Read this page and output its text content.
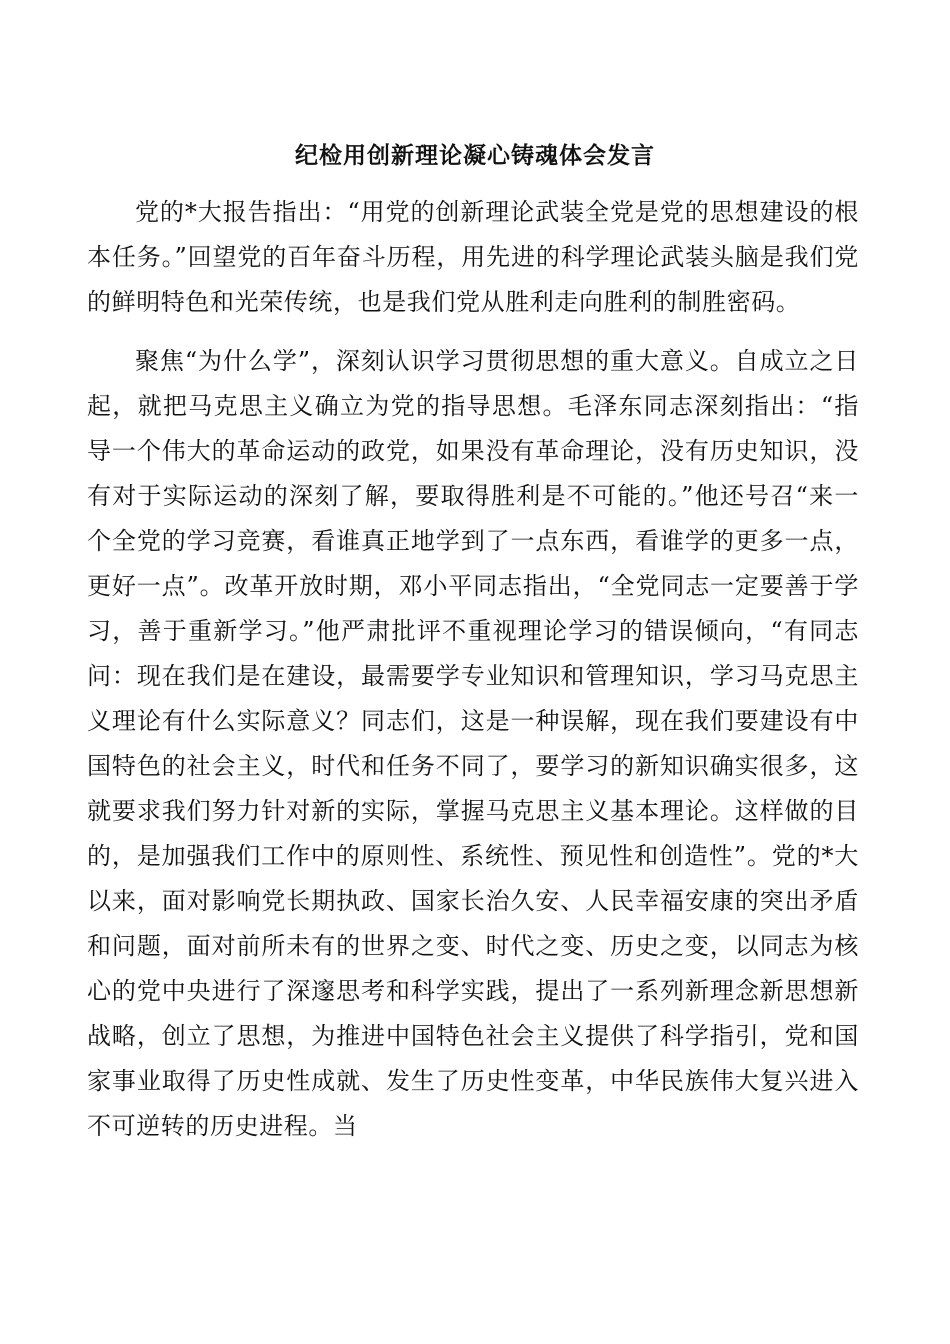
纪检用创新理论凝心铸魂体会发言

党的*大报告指出：“用党的创新理论武装全党是党的思想建设的根本任务。”回望党的百年奋斗历程，用先进的科学理论武装头脑是我们党的鲜明特色和光荣传统，也是我们党从胜利走向胜利的制胜密码。

聚焦“为什么学”，深刻认识学习贯彻思想的重大意义。自成立之日起，就把马克思主义确立为党的指导思想。毛泽东同志深刻指出：“指导一个伟大的革命运动的政党，如果没有革命理论，没有历史知识，没有对于实际运动的深刻了解，要取得胜利是不可能的。”他还号召“来一个全党的学习竞赛，看谁真正地学到了一点东西，看谁学的更多一点，更好一点”。改革开放时期，邓小平同志指出，“全党同志一定要善于学习，善于重新学习。”他严肃批评不重视理论学习的错误倾向，“有同志问：现在我们是在建设，最需要学专业知识和管理知识，学习马克思主义理论有什么实际意义？同志们，这是一种误解，现在我们要建设有中国特色的社会主义，时代和任务不同了，要学习的新知识确实很多，这就要求我们努力针对新的实际，掌握马克思主义基本理论。这样做的目的，是加强我们工作中的原则性、系统性、预见性和创造性”。党的*大以来，面对影响党长期执政、国家长治久安、人民幸福安康的突出矛盾和问题，面对前所未有的世界之变、时代之变、历史之变，以同志为核心的党中央进行了深邃思考和科学实践，提出了一系列新理念新思想新战略，创立了思想，为推进中国特色社会主义提供了科学指引，党和国家事业取得了历史性成就、发生了历史性变革，中华民族伟大复兴进入不可逆转的历史进程。当
